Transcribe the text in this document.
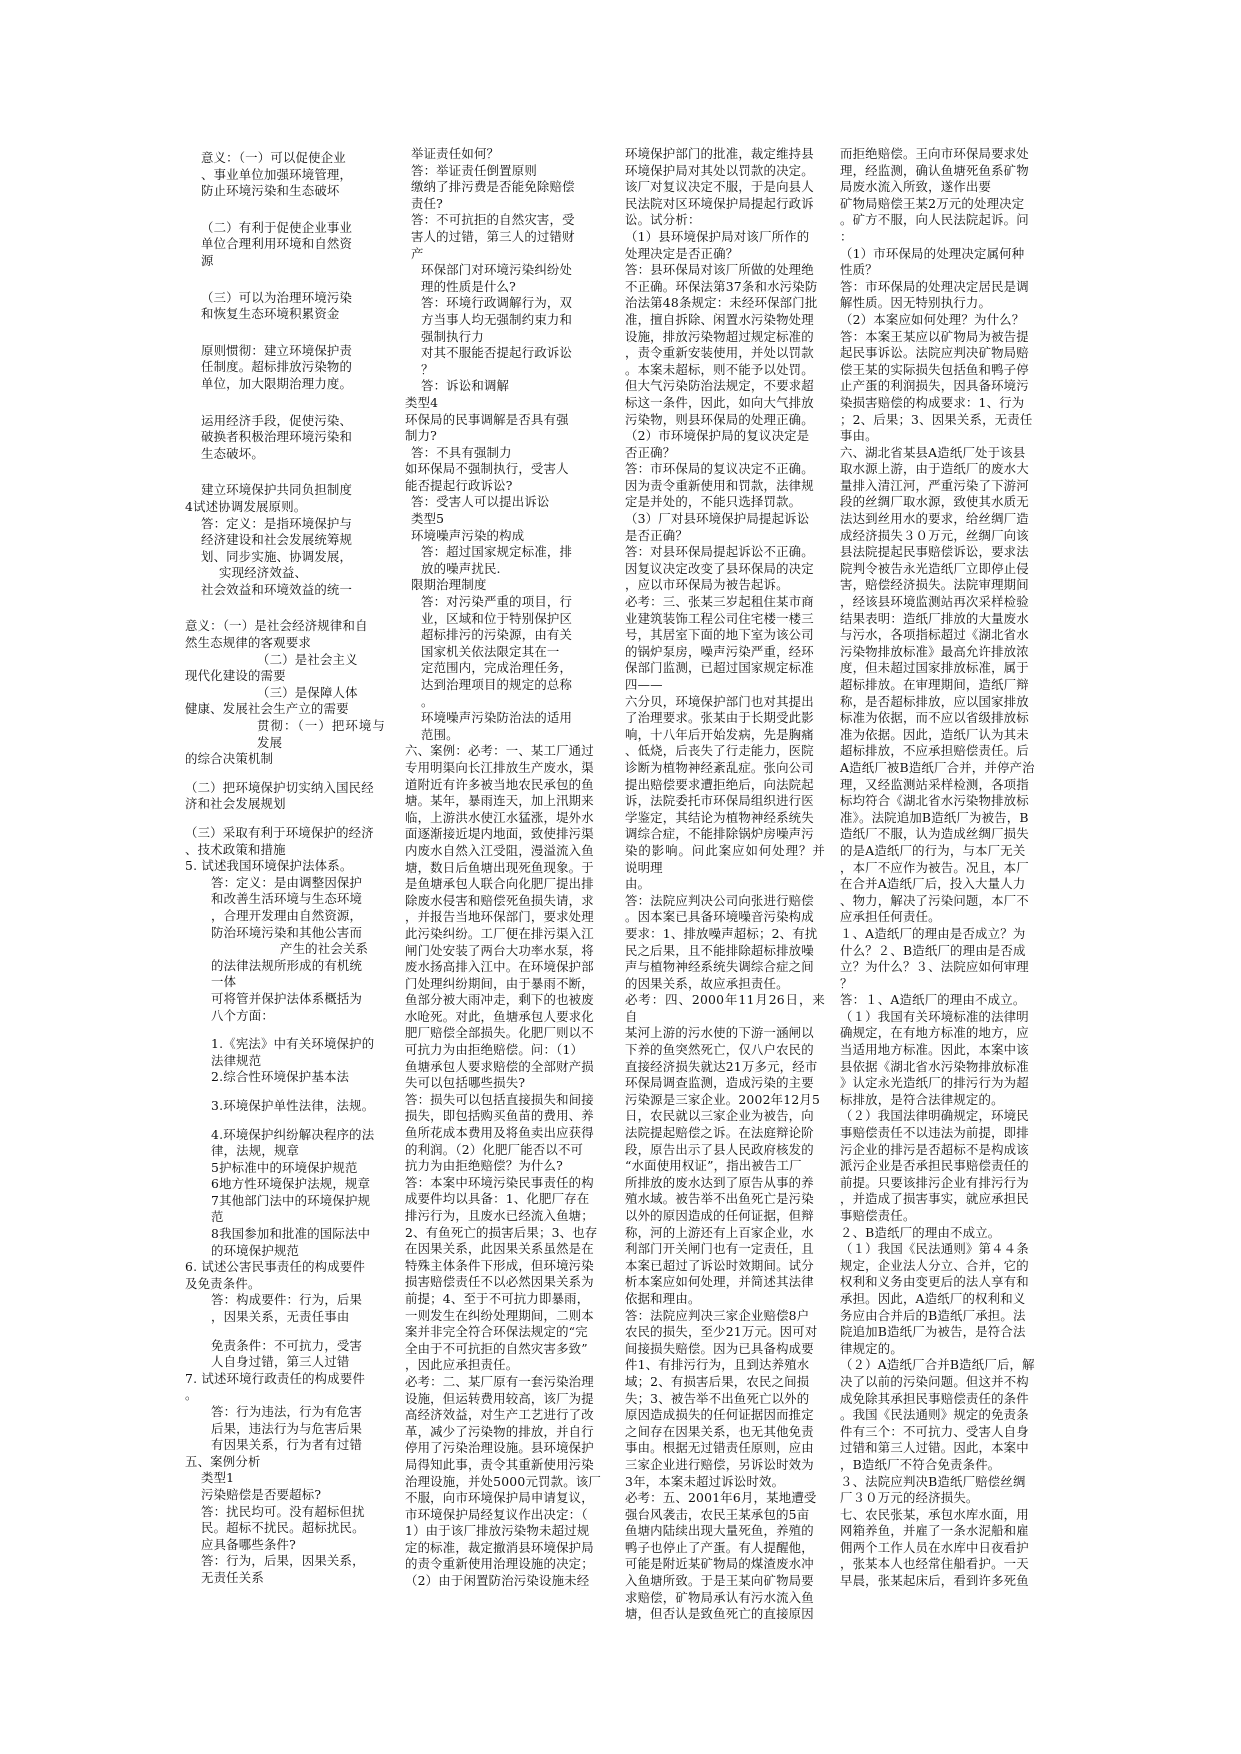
意义：（一）可以促使企业

、事业单位加强环境管理，

防止环境污染和生态破坏

（二）有利于促使企业事业

单位合理利用环境和自然资

源

（三）可以为治理环境污染

和恢复生态环境积累资金

原则惯彻：建立环境保护责

任制度。超标排放污染物的

单位，加大限期治理力度。

运用经济手段，促使污染、

破换者积极治理环境污染和

生态破坏。

建立环境保护共同负担制度

4试述协调发展原则。

答：定义：是指环境保护与

经济建设和社会发展统筹规

划、同步实施、协调发展，

实现经济效益、

社会效益和环境效益的统一

意义：（一）是社会经济规律和自

然生态规律的客观要求

（二）是社会主义

现代化建设的需要

（三）是保障人体

健康、发展社会生产立的需要

贯彻：（一）把环境与发展

的综合决策机制

（二）把环境保护切实纳入国民经

济和社会发展规划

（三）采取有利于环境保护的经济

、技术政策和措施

5. 试述我国环境保护法体系。

答：定义：是由调整因保护

和改善生活环境与生态环境

，合理开发理由自然资源，

防治环境污染和其他公害而

产生的社会关系

的法律法规所形成的有机统

一体

可将管并保护法体系概括为

八个方面：

1.《宪法》中有关环境保护的

法律规范

2.综合性环境保护基本法

3.环境保护单性法律，法规。

4.环境保护纠纷解决程序的法

律，法规，规章

5护标准中的环境保护规范

6地方性环境保护法规，规章

7其他部门法中的环境保护规

范

8我国参加和批准的国际法中

的环境保护规范

6. 试述公害民事责任的构成要件

及免责条件。

答：构成要件：行为，后果

，因果关系，无责任事由

免责条件：不可抗力，受害

人自身过错，第三人过错

7. 试述环境行政责任的构成要件

。

答：行为违法，行为有危害

后果，违法行为与危害后果

有因果关系，行为者有过错

五、案例分析

类型1

污染赔偿是否要超标?

答：扰民均可。没有超标但扰

民。超标不扰民。超标扰民。

应具备哪些条件?

答：行为，后果，因果关系，

无责任关系

举证责任如何？

答：举证责任倒置原则

缴纳了排污费是否能免除赔偿

责任?

答：不可抗拒的自然灾害，受

害人的过错，第三人的过错财

产

环保部门对环境污染纠纷处

理的性质是什么?

答：环境行政调解行为，双

方当事人均无强制约束力和

强制执行力

对其不服能否提起行政诉讼

？

答：诉讼和调解

类型4

环保局的民事调解是否具有强

制力?

答：不具有强制力

如环保局不强制执行，受害人

能否提起行政诉讼?

答：受害人可以提出诉讼

类型5

环境噪声污染的构成

答：超过国家规定标准，排

放的噪声扰民.

限期治理制度

答：对污染严重的项目，行

业，区域和位于特别保护区

超标排污的污染源，由有关

国家机关依法限定其在一

定范围内，完成治理任务，

达到治理项目的规定的总称

。

环境噪声污染防治法的适用

范围。

六、案例：必考：一、某工厂通过

专用明渠向长江排放生产废水，渠

道附近有许多被当地农民承包的鱼

塘。某年，暴雨连天，加上汛期来

临，上游洪水使江水猛涨，堤外水

面逐渐接近堤内地面，致使排污渠

内废水自然入江受阻，漫溢流入鱼

塘，数日后鱼塘出现死鱼现象。于

是鱼塘承包人联合向化肥厂提出排

除废水侵害和赔偿死鱼损失请，求

，并报告当地环保部门，要求处理

此污染纠纷。工厂便在排污渠入江

闸门处安装了两台大功率水泵，将

废水扬高排入江中。在环境保护部

门处理纠纷期间，由于暴雨不断，

鱼部分被大雨冲走，剩下的也被废

水呛死。对此，鱼塘承包人要求化

肥厂赔偿全部损失。化肥厂则以不

可抗力为由拒绝赔偿。问：（1）

鱼塘承包人要求赔偿的全部财产损

失可以包括哪些损失?

答：损失可以包括直接损失和间接

损失，即包括购买鱼苗的费用、养

鱼所花成本费用及将鱼卖出应获得

的利润。（2）化肥厂能否以不可

抗力为由拒绝赔偿？为什么?

答：本案中环境污染民事责任的构

成要件均以具备：1、化肥厂存在

排污行为，且废水已经流入鱼塘；

2、有鱼死亡的损害后果；3、也存

在因果关系，此因果关系虽然是在

特殊主体条件下形成，但环境污染

损害赔偿责任不以必然因果关系为

前提；4、至于不可抗力即暴雨，

一则发生在纠纷处理期间，二则本

案并非完全符合环保法规定的“完

全由于不可抗拒的自然灾害多致”

，因此应承担责任。

必考：二、某厂原有一套污染治理

设施，但运转费用较高，该厂为提

高经济效益，对生产工艺进行了改

革，减少了污染物的排放，并自行

停用了污染治理设施。县环境保护

局得知此事，责令其重新使用污染

治理设施，并处5000元罚款。该厂

不服，向市环境保护局申请复议，

市环境保护局经复议作出决定：（

1）由于该厂排放污染物未超过规

定的标准，裁定撤消县环境保护局

的责令重新使用治理设施的决定；

（2）由于闲置防治污染设施未经

环境保护部门的批准，裁定维持县

环境保护局对其处以罚款的决定。

该厂对复议决定不服，于是向县人

民法院对区环境保护局提起行政诉

讼。试分析：

（1）县环境保护局对该厂所作的

处理决定是否正确？

答：县环保局对该厂所做的处理绝

不正确。环保法第37条和水污染防

治法第48条规定：未经环保部门批

准，擅自拆除、闲置水污染物处理

设施，排放污染物超过规定标准的

，责令重新安装使用，并处以罚款

。本案未超标，则不能予以处罚。

但大气污染防治法规定，不要求超

标这一条件，因此，如向大气排放

污染物，则县环保局的处理正确。

（2）市环境保护局的复议决定是

否正确？

答：市环保局的复议决定不正确。

因为责令重新使用和罚款，法律规

定是并处的，不能只选择罚款。

（3）厂对县环境保护局提起诉讼

是否正确？

答：对县环保局提起诉讼不正确。

因复议决定改变了县环保局的决定

，应以市环保局为被告起诉。

必考：三、张某三岁起租住某市商

业建筑装饰工程公司住宅楼一楼三

号，其居室下面的地下室为该公司

的锅炉泵房，噪声污染严重，经环

保部门监测，已超过国家规定标准

四——

六分贝，环境保护部门也对其提出

了治理要求。张某由于长期受此影

响，十八年后开始发病，先是胸痛

、低烧，后丧失了行走能力，医院

诊断为植物神经紊乱症。张向公司

提出赔偿要求遭拒绝后，向法院起

诉，法院委托市环保局组织进行医

学鉴定，其结论为植物神经系统失

调综合症，不能排除锅炉房噪声污

染的影响。问此案应如何处理？并说明理

由。

答：法院应判决公司向张进行赔偿

。因本案已具备环境噪音污染构成

要求：1、排放噪声超标；2、有扰

民之后果，且不能排除超标排放噪

声与植物神经系统失调综合症之间

的因果关系，故应承担责任。

必考：四、2000年11月26日，来自

某河上游的污水使的下游一涵闸以

下养的鱼突然死亡，仅八户农民的

直接经济损失就达21万多元，经市

环保局调查监测，造成污染的主要

污染源是三家企业。2002年12月5

日，农民就以三家企业为被告，向

法院提起赔偿之诉。在法庭辩论阶

段，原告出示了县人民政府核发的

“水面使用权证”，指出被告工厂

所排放的废水达到了原告从事的养

殖水域。被告举不出鱼死亡是污染

以外的原因造成的任何证据，但辩

称，河的上游还有上百家企业，水

利部门开关闸门也有一定责任，且

本案已超过了诉讼时效期间。试分

析本案应如何处理，并简述其法律

依据和理由。

答：法院应判决三家企业赔偿8户

农民的损失，至少21万元。因可对

间接损失赔偿。因为已具备构成要

件1、有排污行为，且到达养殖水

域；2、有损害后果，农民之间损

失；3、被告举不出鱼死亡以外的

原因造成损失的任何证据因而推定

之间存在因果关系，也无其他免责

事由。根据无过错责任原则，应由

三家企业进行赔偿，另诉讼时效为

3年，本案未超过诉讼时效。

必考：五、2001年6月，某地遭受

强台风袭击，农民王某承包的5亩

鱼塘内陆续出现大量死鱼，养殖的

鸭子也停止了产蛋。有人提醒他，

可能是附近某矿物局的煤渣废水冲

入鱼塘所致。于是王某向矿物局要

求赔偿，矿物局承认有污水流入鱼

塘，但否认是致鱼死亡的直接原因

而拒绝赔偿。王向市环保局要求处

理，经监测，确认鱼塘死鱼系矿物

局废水流入所致，遂作出要

矿物局赔偿王某2万元的处理决定

。矿方不服，向人民法院起诉。问

：

（1）市环保局的处理决定属何种

性质？

答：市环保局的处理决定居民是调

解性质。因无特别执行力。

（2）本案应如何处理？为什么？

答：本案王某应以矿物局为被告提

起民事诉讼。法院应判决矿物局赔

偿王某的实际损失包括鱼和鸭子停

止产蛋的利润损失，因具备环境污

染损害赔偿的构成要求：1、行为

；2、后果；3、因果关系，无责任

事由。

六、湖北省某县A造纸厂处于该县

取水源上游，由于造纸厂的废水大

量排入清江河，严重污染了下游河

段的丝绸厂取水源，致使其水质无

法达到丝用水的要求，给丝绸厂造

成经济损失３０万元，丝绸厂向该

县法院提起民事赔偿诉讼，要求法

院判令被告永光造纸厂立即停止侵

害，赔偿经济损失。法院审理期间

，经该县环境监测站再次采样检验

结果表明：造纸厂排放的大量废水

与污水，各项指标超过《湖北省水

污染物排放标准》最高允许排放浓

度，但未超过国家排放标准，属于

超标排放。在审理期间，造纸厂辩

称，是否超标排放，应以国家排放

标准为依据，而不应以省级排放标

准为依据。因此，造纸厂认为其未

超标排放，不应承担赔偿责任。后

A造纸厂被B造纸厂合并，并停产治

理，又经监测站采样检测，各项指

标均符合《湖北省水污染物排放标

准》。法院追加B造纸厂为被告，B

造纸厂不服，认为造成丝绸厂损失

的是A造纸厂的行为，与本厂无关

，本厂不应作为被告。况且，本厂

在合并A造纸厂后，投入大量人力

、物力，解决了污染问题，本厂不

应承担任何责任。

１、A造纸厂的理由是否成立？为

什么？２、B造纸厂的理由是否成

立？为什么？３、法院应如何审理

？

答：１、A造纸厂的理由不成立。

（１）我国有关环境标准的法律明

确规定，在有地方标准的地方，应

当适用地方标准。因此，本案中该

县依据《湖北省水污染物排放标准

》认定永光造纸厂的排污行为为超

标排放，是符合法律规定的。

（２）我国法律明确规定，环境民

事赔偿责任不以违法为前提，即排

污企业的排污是否超标不是构成该

派污企业是否承担民事赔偿责任的

前提。只要该排污企业有排污行为

，并造成了损害事实，就应承担民

事赔偿责任。

２、B造纸厂的理由不成立。

（１）我国《民法通则》第４４条

规定，企业法人分立、合并，它的

权利和义务由变更后的法人享有和

承担。因此，A造纸厂的权利和义

务应由合并后的B造纸厂承担。法

院追加B造纸厂为被告，是符合法

律规定的。

（２）A造纸厂合并B造纸厂后，解

决了以前的污染问题。但这并不构

成免除其承担民事赔偿责任的条件

。我国《民法通则》规定的免责条

件有三个：不可抗力、受害人自身

过错和第三人过错。因此，本案中

，B造纸厂不符合免责条件。

３、法院应判决B造纸厂赔偿丝绸

厂３０万元的经济损失。

七、农民张某，承包水库水面，用

网箱养鱼，并雇了一条水泥船和雇

佣两个工作人员在水库中日夜看护

，张某本人也经常住船看护。一天

早晨，张某起床后，看到许多死鱼
